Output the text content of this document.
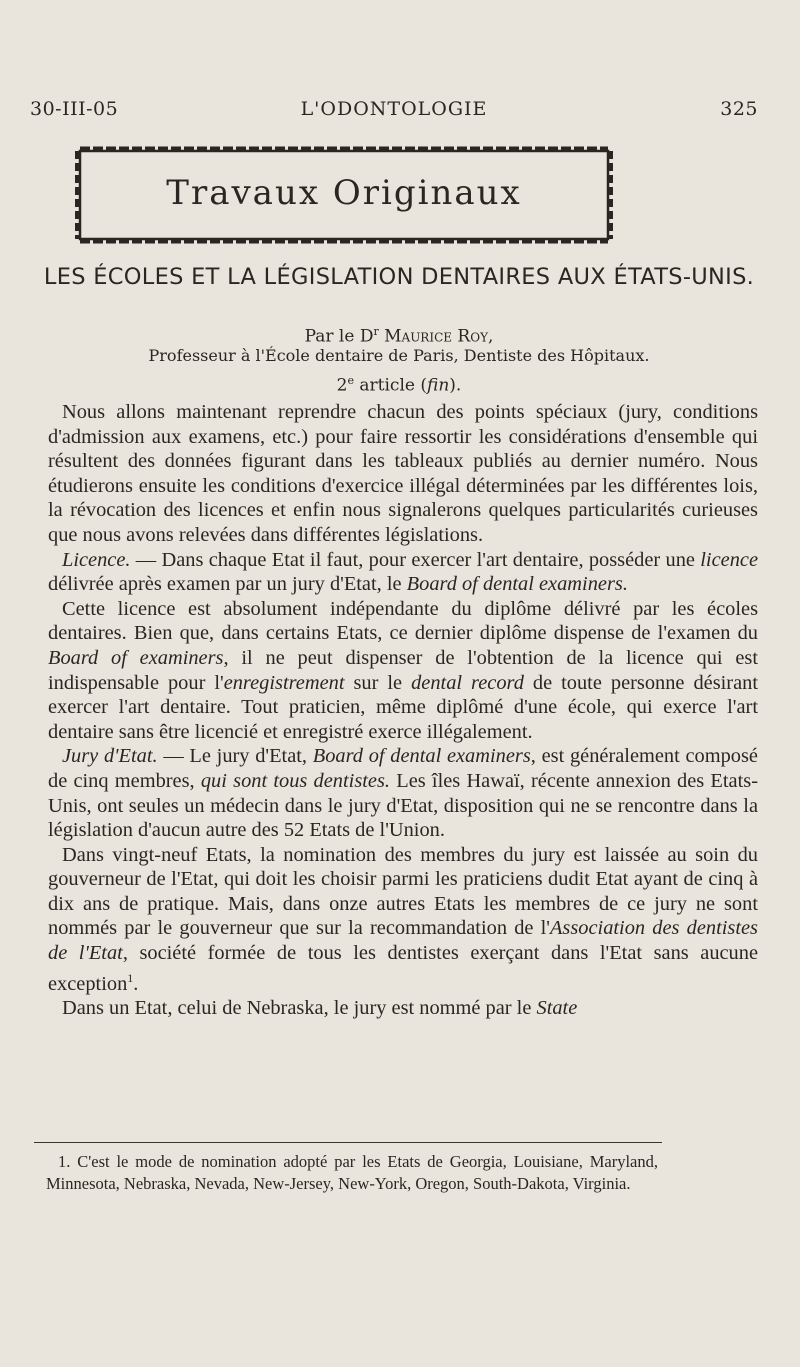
30-III-05	L'ODONTOLOGIE	325
Travaux Originaux
LES ÉCOLES ET LA LÉGISLATION DENTAIRES AUX ÉTATS-UNIS.
Par le $D^r$ Maurice Roy,
Professeur à l'École dentaire de Paris, Dentiste des Hôpitaux.
2e article (fin).

Nous allons maintenant reprendre chacun des points spéciaux (jury, conditions d'admission aux examens, etc.) pour faire ressortir les considérations d'ensemble qui résultent des données figurant dans les tableaux publiés au dernier numéro. Nous étudierons ensuite les conditions d'exercice illégal déterminées par les différentes lois, la révocation des licences et enfin nous signalerons quelques particularités curieuses que nous avons relevées dans différentes législations.

Licence. — Dans chaque Etat il faut, pour exercer l'art dentaire, posséder une licence délivrée après examen par un jury d'Etat, le Board of dental examiners.

Cette licence est absolument indépendante du diplôme délivré par les écoles dentaires. Bien que, dans certains Etats, ce dernier diplôme dispense de l'examen du Board of examiners, il ne peut dispenser de l'obtention de la licence qui est indispensable pour l'enregistrement sur le dental record de toute personne désirant exercer l'art dentaire. Tout praticien, même diplômé d'une école, qui exerce l'art dentaire sans être licencié et enregistré exerce illégalement.

Jury d'Etat. — Le jury d'Etat, Board of dental examiners, est généralement composé de cinq membres, qui sont tous dentistes. Les îles Hawaï, récente annexion des Etats-Unis, ont seules un médecin dans le jury d'Etat, disposition qui ne se rencontre dans la législation d'aucun autre des 52 Etats de l'Union.

Dans vingt-neuf Etats, la nomination des membres du jury est laissée au soin du gouverneur de l'Etat, qui doit les choisir parmi les praticiens dudit Etat ayant de cinq à dix ans de pratique. Mais, dans onze autres Etats les membres de ce jury ne sont nommés par le gouverneur que sur la recommandation de l'Association des dentistes de l'Etat, société formée de tous les dentistes exerçant dans l'Etat sans aucune exception$^1$.

Dans un Etat, celui de Nebraska, le jury est nommé par le State

1. C'est le mode de nomination adopté par les Etats de Georgia, Louisiane, Maryland, Minnesota, Nebraska, Nevada, New-Jersey, New-York, Oregon, South-Dakota, Virginia.
